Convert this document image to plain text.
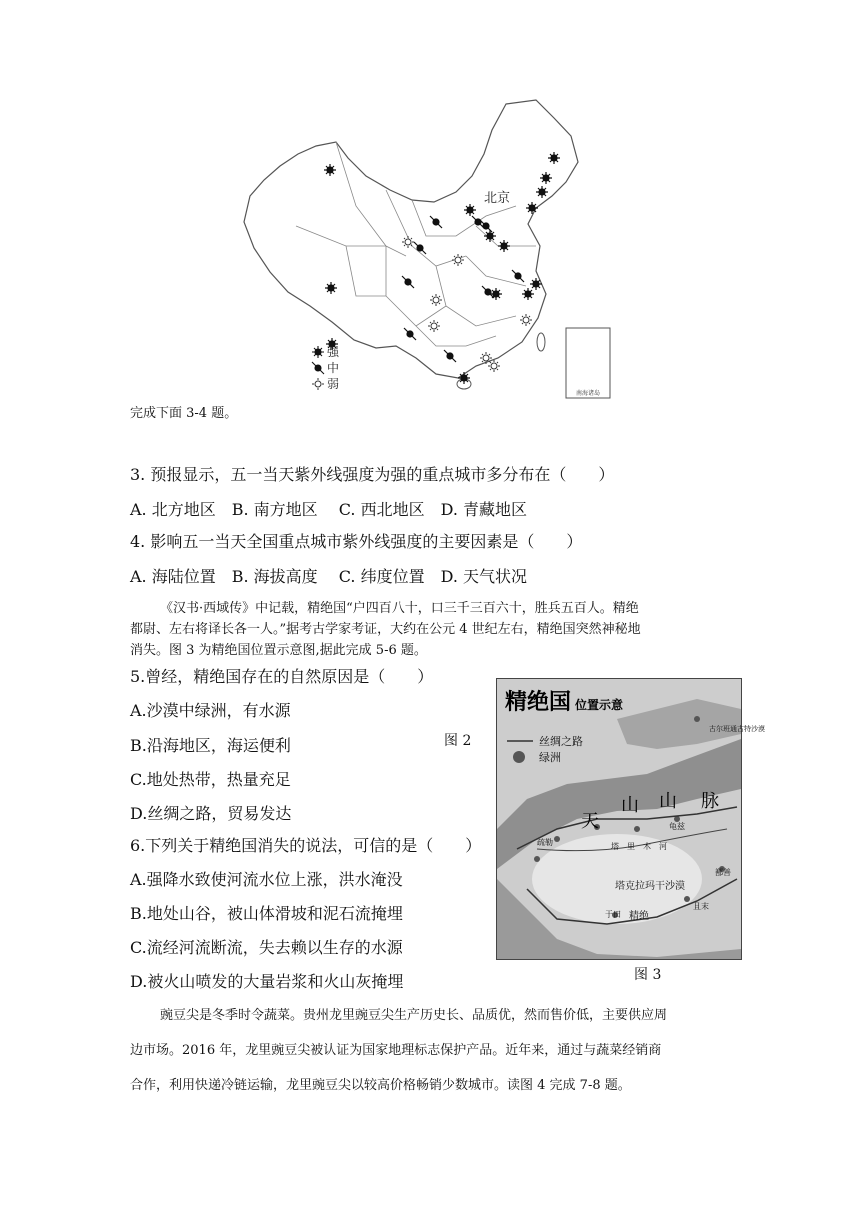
南海诸岛
北京
强
中
弱
完成下面 3-4 题。
3. 预报显示，五一当天紫外线强度为强的重点城市多分布在（　　）
A. 北方地区　B. 南方地区　 C. 西北地区　D. 青藏地区
4. 影响五一当天全国重点城市紫外线强度的主要因素是（　　）
A. 海陆位置　B. 海拔高度　 C. 纬度位置　D. 天气状况
《汉书·西域传》中记载，精绝国“户四百八十，口三千三百六十，胜兵五百人。精绝
都尉、左右将译长各一人。”据考古学家考证，大约在公元 4 世纪左右，精绝国突然神秘地
消失。图 3 为精绝国位置示意图,据此完成 5-6 题。
5.曾经，精绝国存在的自然原因是（　　）
A.沙漠中绿洲，有水源
B.沿海地区，海运便利
C.地处热带，热量充足
D.丝绸之路，贸易发达
图 2
6.下列关于精绝国消失的说法，可信的是（　　）
A.强降水致使河流水位上涨，洪水淹没
B.地处山谷，被山体滑坡和泥石流掩埋
C.流经河流断流，失去赖以生存的水源
D.被火山喷发的大量岩浆和火山灰掩埋
精绝国 位置示意
丝绸之路
绿洲
古尔班通古特沙漠
天
山 山 脉
龟兹
塔　里　木　河
塔克拉玛干沙漠
疏勒
于田 精绝
且末
鄯善
图 3
豌豆尖是冬季时令蔬菜。贵州龙里豌豆尖生产历史长、品质优，然而售价低，主要供应周
边市场。2016 年，龙里豌豆尖被认证为国家地理标志保护产品。近年来，通过与蔬菜经销商
合作，利用快递冷链运输，龙里豌豆尖以较高价格畅销少数城市。读图 4 完成 7-8 题。
